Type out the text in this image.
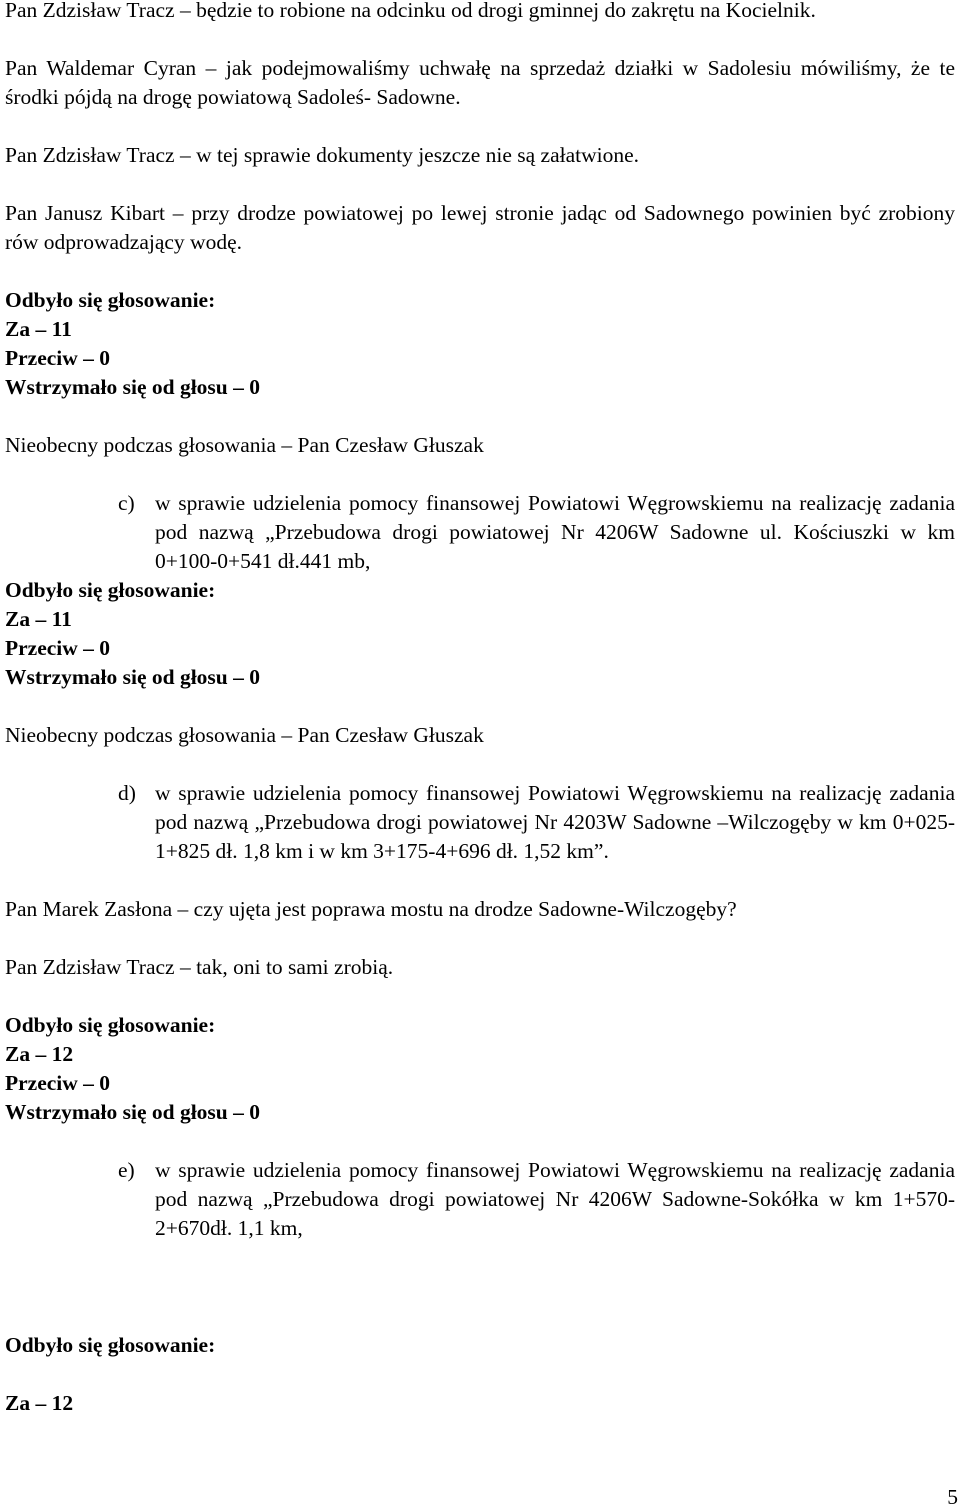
Pan Zdzisław Tracz – będzie to robione na odcinku od drogi gminnej do zakrętu na Kocielnik.

Pan Waldemar Cyran – jak podejmowaliśmy uchwałę na sprzedaż działki w Sadolesiu mówiliśmy, że te środki pójdą na drogę powiatową Sadoleś- Sadowne.

Pan Zdzisław Tracz – w tej sprawie dokumenty jeszcze nie są załatwione.

Pan Janusz Kibart – przy drodze powiatowej po lewej stronie jadąc od Sadownego powinien być zrobiony rów odprowadzający wodę.

Odbyło się głosowanie:
Za – 11
Przeciw – 0
Wstrzymało się od głosu – 0
Nieobecny podczas głosowania – Pan Czesław Głuszak
c) w sprawie udzielenia pomocy finansowej Powiatowi Węgrowskiemu na realizację zadania pod nazwą „Przebudowa drogi powiatowej Nr 4206W Sadowne ul. Kościuszki w km 0+100-0+541 dł.441 mb,
Odbyło się głosowanie:
Za – 11
Przeciw – 0
Wstrzymało się od głosu – 0
Nieobecny podczas głosowania – Pan Czesław Głuszak
d) w sprawie udzielenia pomocy finansowej Powiatowi Węgrowskiemu na realizację zadania pod nazwą „Przebudowa drogi powiatowej Nr 4203W Sadowne –Wilczogęby w km 0+025-1+825 dł. 1,8 km i w km 3+175-4+696 dł. 1,52 km”.

Pan Marek Zasłona – czy ujęta jest poprawa mostu na drodze Sadowne-Wilczogęby?

Pan Zdzisław Tracz – tak, oni to sami zrobią.

Odbyło się głosowanie:
Za – 12
Przeciw – 0
Wstrzymało się od głosu – 0
e) w sprawie udzielenia pomocy finansowej Powiatowi Węgrowskiemu na realizację zadania pod nazwą „Przebudowa drogi powiatowej Nr 4206W Sadowne-Sokółka w km 1+570-2+670dł. 1,1 km,
Odbyło się głosowanie:
Za – 12
5
